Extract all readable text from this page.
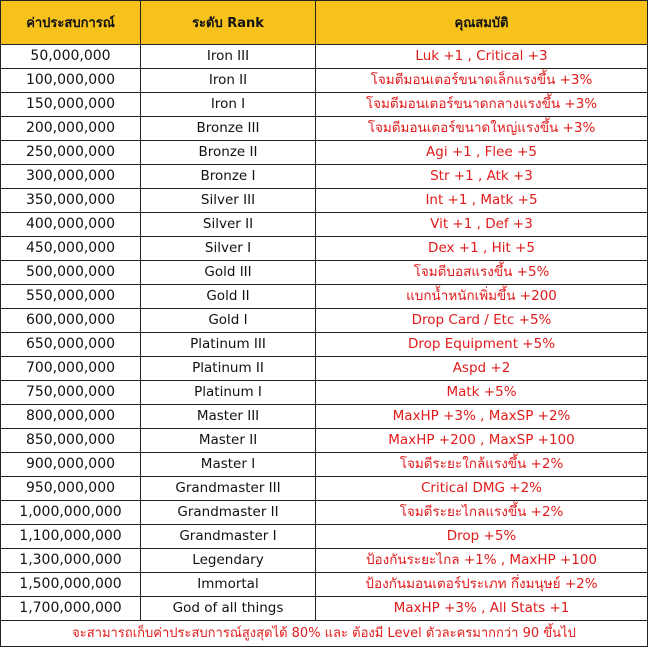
ค่าประสบการณ์	ระดับ Rank	คุณสมบัติ
50,000,000	Iron III	Luk +1 , Critical +3
100,000,000	Iron II	โจมตีมอนเตอร์ขนาดเล็กแรงขึ้น +3%
150,000,000	Iron I	โจมตีมอนเตอร์ขนาดกลางแรงขึ้น +3%
200,000,000	Bronze III	โจมตีมอนเตอร์ขนาดใหญ่แรงขึ้น +3%
250,000,000	Bronze II	Agi +1 , Flee +5
300,000,000	Bronze I	Str +1 , Atk +3
350,000,000	Silver III	Int +1 , Matk +5
400,000,000	Silver II	Vit +1 , Def +3
450,000,000	Silver I	Dex +1 , Hit +5
500,000,000	Gold III	โจมตีบอสแรงขึ้น +5%
550,000,000	Gold II	แบกน้ำหนักเพิ่มขึ้น +200
600,000,000	Gold I	Drop Card / Etc +5%
650,000,000	Platinum III	Drop Equipment +5%
700,000,000	Platinum II	Aspd +2
750,000,000	Platinum I	Matk +5%
800,000,000	Master III	MaxHP +3% , MaxSP +2%
850,000,000	Master II	MaxHP +200 , MaxSP +100
900,000,000	Master I	โจมตีระยะใกล้แรงขึ้น +2%
950,000,000	Grandmaster III	Critical DMG +2%
1,000,000,000	Grandmaster II	โจมตีระยะไกลแรงขึ้น +2%
1,100,000,000	Grandmaster I	Drop +5%
1,300,000,000	Legendary	ป้องกันระยะไกล +1% , MaxHP +100
1,500,000,000	Immortal	ป้องกันมอนเตอร์ประเภท กึ่งมนุษย์ +2%
1,700,000,000	God of all things	MaxHP +3% , All Stats +1
จะสามารถเก็บค่าประสบการณ์สูงสุดได้ 80% และ ต้องมี Level ตัวละครมากกว่า 90 ขึ้นไป		
